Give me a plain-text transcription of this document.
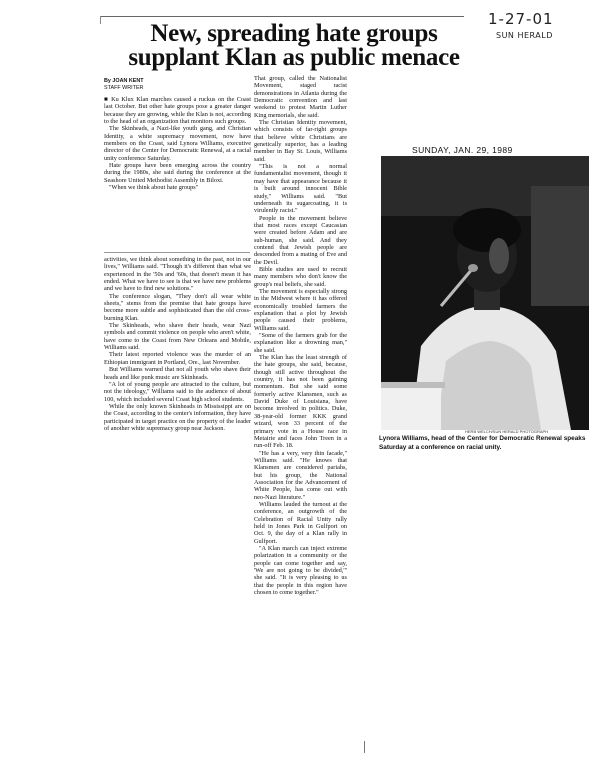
1-27-01
SUN HERALD
New, spreading hate groups supplant Klan as public menace
By JOAN KENT
STAFF WRITER

■ Ku Klux Klan marches caused a ruckus on the Coast last October. But other hate groups pose a greater danger because they are growing, while the Klan is not, according to the head of an organization that monitors such groups.

The Skinheads, a Nazi-like youth gang, and Christian Identity, a white supremacy movement, now have members on the Coast, said Lynora Williams, executive director of the Center for Democratic Renewal, at a racial unity conference Saturday.

Hate groups have been emerging across the country during the 1980s, she said during the conference at the Seashore United Methodist Assembly in Biloxi.

"When we think about hate groups"

activities, we think about something in the past, not in our lives," Williams said. "Though it's different than what we experienced in the '50s and '60s, that doesn't mean it has ended. What we have to see is that we have new problems and we have to find new solutions."

The conference slogan, "They don't all wear white sheets," stems from the premise that hate groups have become more subtle and sophisticated than the old cross-burning Klan.

The Skinheads, who shave their heads, wear Nazi symbols and commit violence on people who aren't white, have come to the Coast from New Orleans and Mobile, Williams said.

Their latest reported violence was the murder of an Ethiopian immigrant in Portland, Ore., last November.

But Williams warned that not all youth who shave their heads and like punk music are Skinheads.

"A lot of young people are attracted to the culture, but not the ideology," Williams said to the audience of about 100, which included several Coast high school students.

While the only known Skinheads in Mississippi are on the Coast, according to the center's information, they have participated in target practice on the property of the leader of another white supremacy group near Jackson.

That group, called the Nationalist Movement, staged racist demonstrations in Atlanta during the Democratic convention and last weekend to protest Martin Luther King memorials, she said.

The Christian Identity movement, which consists of far-right groups that believe white Christians are genetically superior, has a leading member in Bay St. Louis, Williams said.

"This is not a normal fundamentalist movement, though it may have that appearance because it is built around innocent Bible study," Williams said. "But underneath its sugarcoating, it is virulently racist."

People in the movement believe that most races except Caucasian were created before Adam and are sub-human, she said. And they contend that Jewish people are descended from a mating of Eve and the Devil.

Bible studies are used to recruit many members who don't know the group's real beliefs, she said.

The movement is especially strong in the Midwest where it has offered economically troubled farmers the explanation that a plot by Jewish people caused their problems, Williams said.

"Some of the farmers grab for the explanation like a drowning man," she said.

The Klan has the least strength of the hate groups, she said, because, though still active throughout the country, it has not been gaining momentum. But she said some formerly active Klansmen, such as David Duke of Louisiana, have become involved in politics. Duke, 38-year-old former KKK grand wizard, won 33 percent of the primary vote in a House race in Metairie and faces John Treen in a run-off Feb. 18.

"He has a very, very thin facade," Williams said. "He knows that Klansmen are considered pariahs, but his group, the National Association for the Advancement of White People, has come out with neo-Nazi literature."

Williams lauded the turnout at the conference, an outgrowth of the Celebration of Racial Unity rally held in Jones Park in Gulfport on Oct. 9, the day of a Klan rally in Gulfport.

"A Klan march can inject extreme polarization in a community or the people can come together and say, 'We are not going to be divided,'" she said. "It is very pleasing to us that the people in this region have chosen to come together."

SUNDAY, JAN. 29, 1989
HERB WELCH/SUN HERALD PHOTOGRAPH
Lynora Williams, head of the Center for Democratic Renewal speaks Saturday at a conference on racial unity.
